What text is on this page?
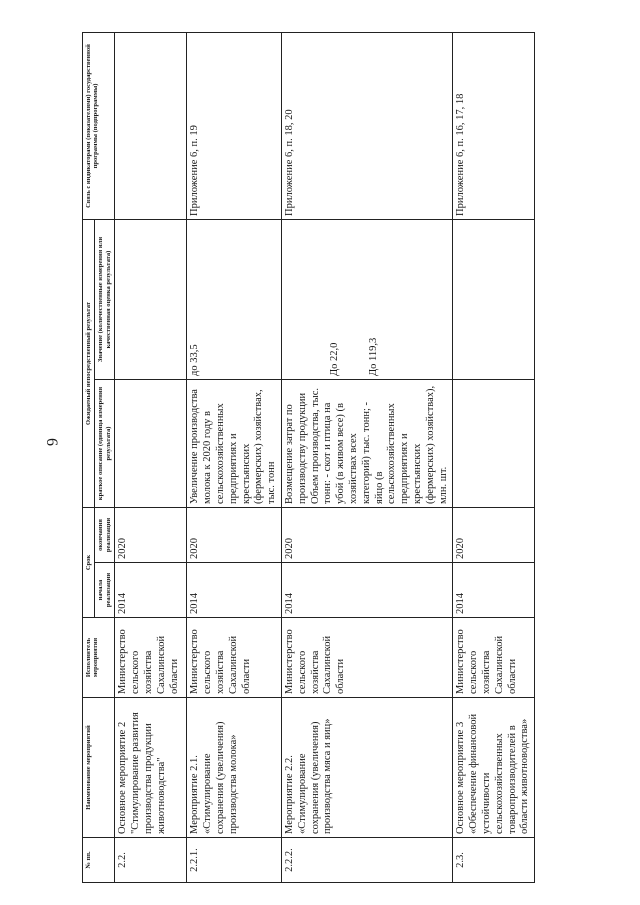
6
№ пп.	Наименование мероприятий	Исполнитель мероприятия	Срок		Ожидаемый непосредственный результат		Связь с индикаторами (показателями) государственной программы (подпрограммы)
			начала реализации	окончания реализации	краткое описание (единица измерения результата)	Значение (количественные измерения или качественная оценка результата)	
2.2.	Основное мероприятие 2 "Стимулирование развития производства продукции животноводства"	Министерство сельского хозяйства Сахалинской области	2014	2020		

2.2.1.	Мероприятие 2.1. «Стимулирование сохранения (увеличения) производства молока»	Министерство сельского хозяйства Сахалинской области	2014	2020	Увеличение производства молока к 2020 году в сельскохозяйственных предприятиях и крестьянских (фермерских) хозяйствах, тыс. тонн	до 33,5	Приложение 6, п. 19
2.2.2.	Мероприятие 2.2. «Стимулирование сохранения (увеличения) производства мяса и яиц»	Министерство сельского хозяйства Сахалинской области	2014	2020	Возмещение затрат по производству продукции Объем производства, тыс. тонн: - скот и птица на убой (в живом весе) (в хозяйствах всех категорий) тыс. тонн; - яйцо (в сельскохозяйственных предприятиях и крестьянских (фермерских) хозяйствах), млн. шт.	До 22,0 До 119,3	Приложение 6, п. 18, 20
2.3.	Основное мероприятие 3 «Обеспечение финансовой устойчивости сельскохозяйственных товаропроизводителей в области животноводства»	Министерство сельского хозяйства Сахалинской области	2014	2020			Приложение 6, п. 16, 17, 18
